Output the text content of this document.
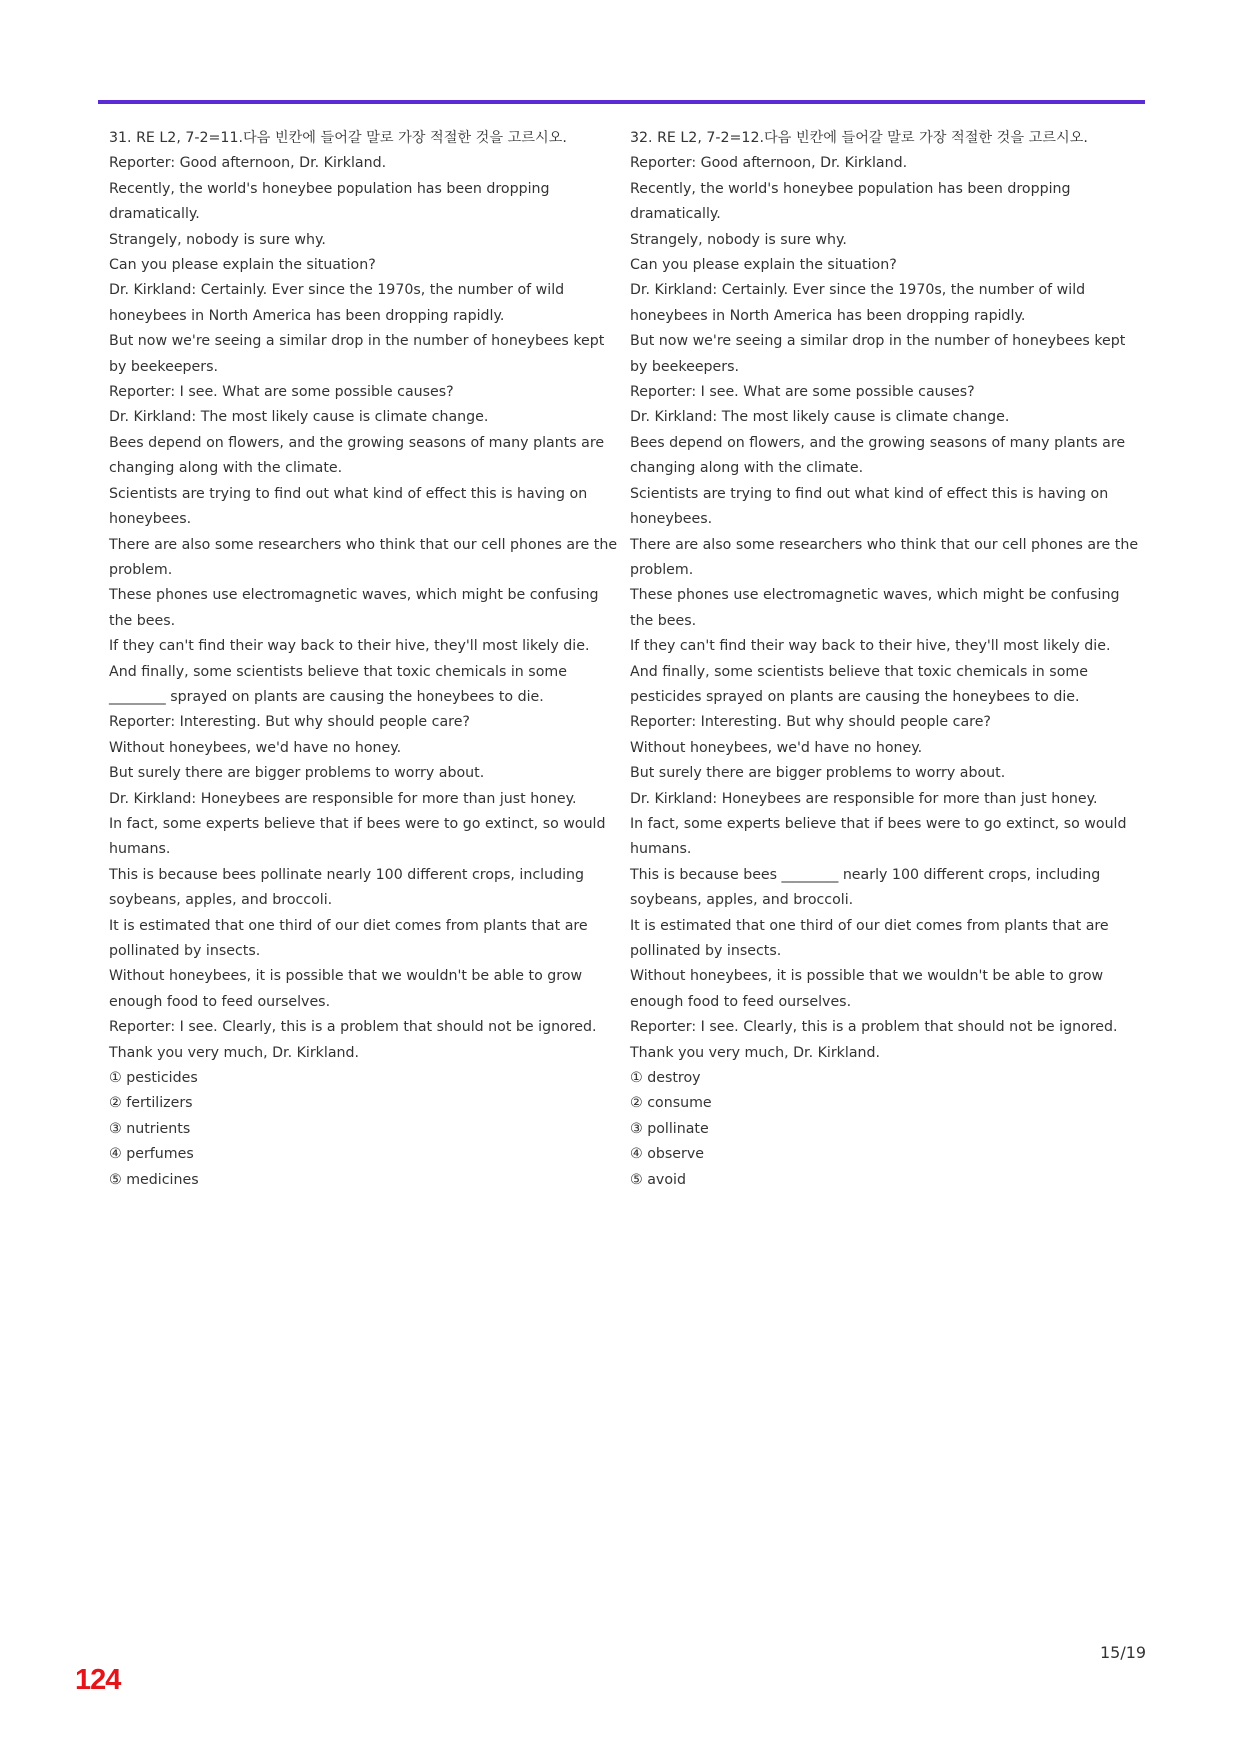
31. RE L2, 7-2=11.다음 빈칸에 들어갈 말로 가장 적절한 것을 고르시오.

Reporter: Good afternoon, Dr. Kirkland.

Recently, the world's honeybee population has been dropping dramatically.

Strangely, nobody is sure why.

Can you please explain the situation?

Dr. Kirkland: Certainly. Ever since the 1970s, the number of wild honeybees in North America has been dropping rapidly.

But now we're seeing a similar drop in the number of honeybees kept by beekeepers.

Reporter: I see. What are some possible causes?

Dr. Kirkland: The most likely cause is climate change.

Bees depend on flowers, and the growing seasons of many plants are changing along with the climate.

Scientists are trying to find out what kind of effect this is having on honeybees.

There are also some researchers who think that our cell phones are the problem.

These phones use electromagnetic waves, which might be confusing the bees.

If they can't find their way back to their hive, they'll most likely die.

And finally, some scientists believe that toxic chemicals in some ________ sprayed on plants are causing the honeybees to die.

Reporter: Interesting. But why should people care?

Without honeybees, we'd have no honey.

But surely there are bigger problems to worry about.

Dr. Kirkland: Honeybees are responsible for more than just honey.

In fact, some experts believe that if bees were to go extinct, so would humans.

This is because bees pollinate nearly 100 different crops, including soybeans, apples, and broccoli.

It is estimated that one third of our diet comes from plants that are pollinated by insects.

Without honeybees, it is possible that we wouldn't be able to grow enough food to feed ourselves.

Reporter: I see. Clearly, this is a problem that should not be ignored.

Thank you very much, Dr. Kirkland.

① pesticides

② fertilizers

③ nutrients

④ perfumes

⑤ medicines

32. RE L2, 7-2=12.다음 빈칸에 들어갈 말로 가장 적절한 것을 고르시오.

Reporter: Good afternoon, Dr. Kirkland.

Recently, the world's honeybee population has been dropping dramatically.

Strangely, nobody is sure why.

Can you please explain the situation?

Dr. Kirkland: Certainly. Ever since the 1970s, the number of wild honeybees in North America has been dropping rapidly.

But now we're seeing a similar drop in the number of honeybees kept by beekeepers.

Reporter: I see. What are some possible causes?

Dr. Kirkland: The most likely cause is climate change.

Bees depend on flowers, and the growing seasons of many plants are changing along with the climate.

Scientists are trying to find out what kind of effect this is having on honeybees.

There are also some researchers who think that our cell phones are the problem.

These phones use electromagnetic waves, which might be confusing the bees.

If they can't find their way back to their hive, they'll most likely die.

And finally, some scientists believe that toxic chemicals in some pesticides sprayed on plants are causing the honeybees to die.

Reporter: Interesting. But why should people care?

Without honeybees, we'd have no honey.

But surely there are bigger problems to worry about.

Dr. Kirkland: Honeybees are responsible for more than just honey.

In fact, some experts believe that if bees were to go extinct, so would humans.

This is because bees ________ nearly 100 different crops, including soybeans, apples, and broccoli.

It is estimated that one third of our diet comes from plants that are pollinated by insects.

Without honeybees, it is possible that we wouldn't be able to grow enough food to feed ourselves.

Reporter: I see. Clearly, this is a problem that should not be ignored.

Thank you very much, Dr. Kirkland.

① destroy

② consume

③ pollinate

④ observe

⑤ avoid

15/19
124
